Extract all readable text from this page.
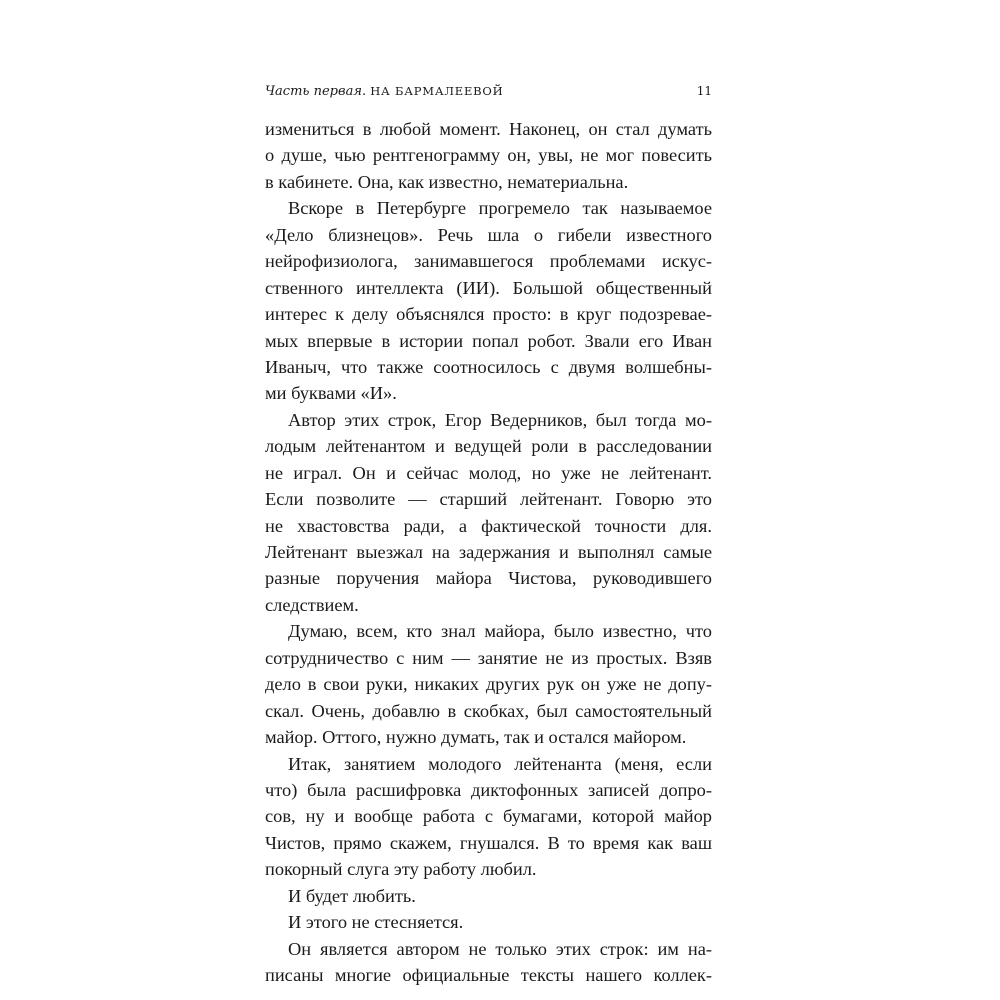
Часть первая. НА БАРМАЛЕЕВОЙ	11
измениться в любой момент. Наконец, он стал думать
о душе, чью рентгенограмму он, увы, не мог повесить
в кабинете. Она, как известно, нематериальна.
Вскоре в Петербурге прогремело так называемое
«Дело близнецов». Речь шла о гибели известного
нейрофизиолога, занимавшегося проблемами искус-
ственного интеллекта (ИИ). Большой общественный
интерес к делу объяснялся просто: в круг подозревае-
мых впервые в истории попал робот. Звали его Иван
Иваныч, что также соотносилось с двумя волшебны-
ми буквами «И».
Автор этих строк, Егор Ведерников, был тогда мо-
лодым лейтенантом и ведущей роли в расследовании
не играл. Он и сейчас молод, но уже не лейтенант.
Если позволите — старший лейтенант. Говорю это
не хвастовства ради, а фактической точности для.
Лейтенант выезжал на задержания и выполнял самые
разные поручения майора Чистова, руководившего
следствием.
Думаю, всем, кто знал майора, было известно, что
сотрудничество с ним — занятие не из простых. Взяв
дело в свои руки, никаких других рук он уже не допу-
скал. Очень, добавлю в скобках, был самостоятельный
майор. Оттого, нужно думать, так и остался майором.
Итак, занятием молодого лейтенанта (меня, если
что) была расшифровка диктофонных записей допро-
сов, ну и вообще работа с бумагами, которой майор
Чистов, прямо скажем, гнушался. В то время как ваш
покорный слуга эту работу любил.
И будет любить.
И этого не стесняется.
Он является автором не только этих строк: им на-
писаны многие официальные тексты нашего коллек-
